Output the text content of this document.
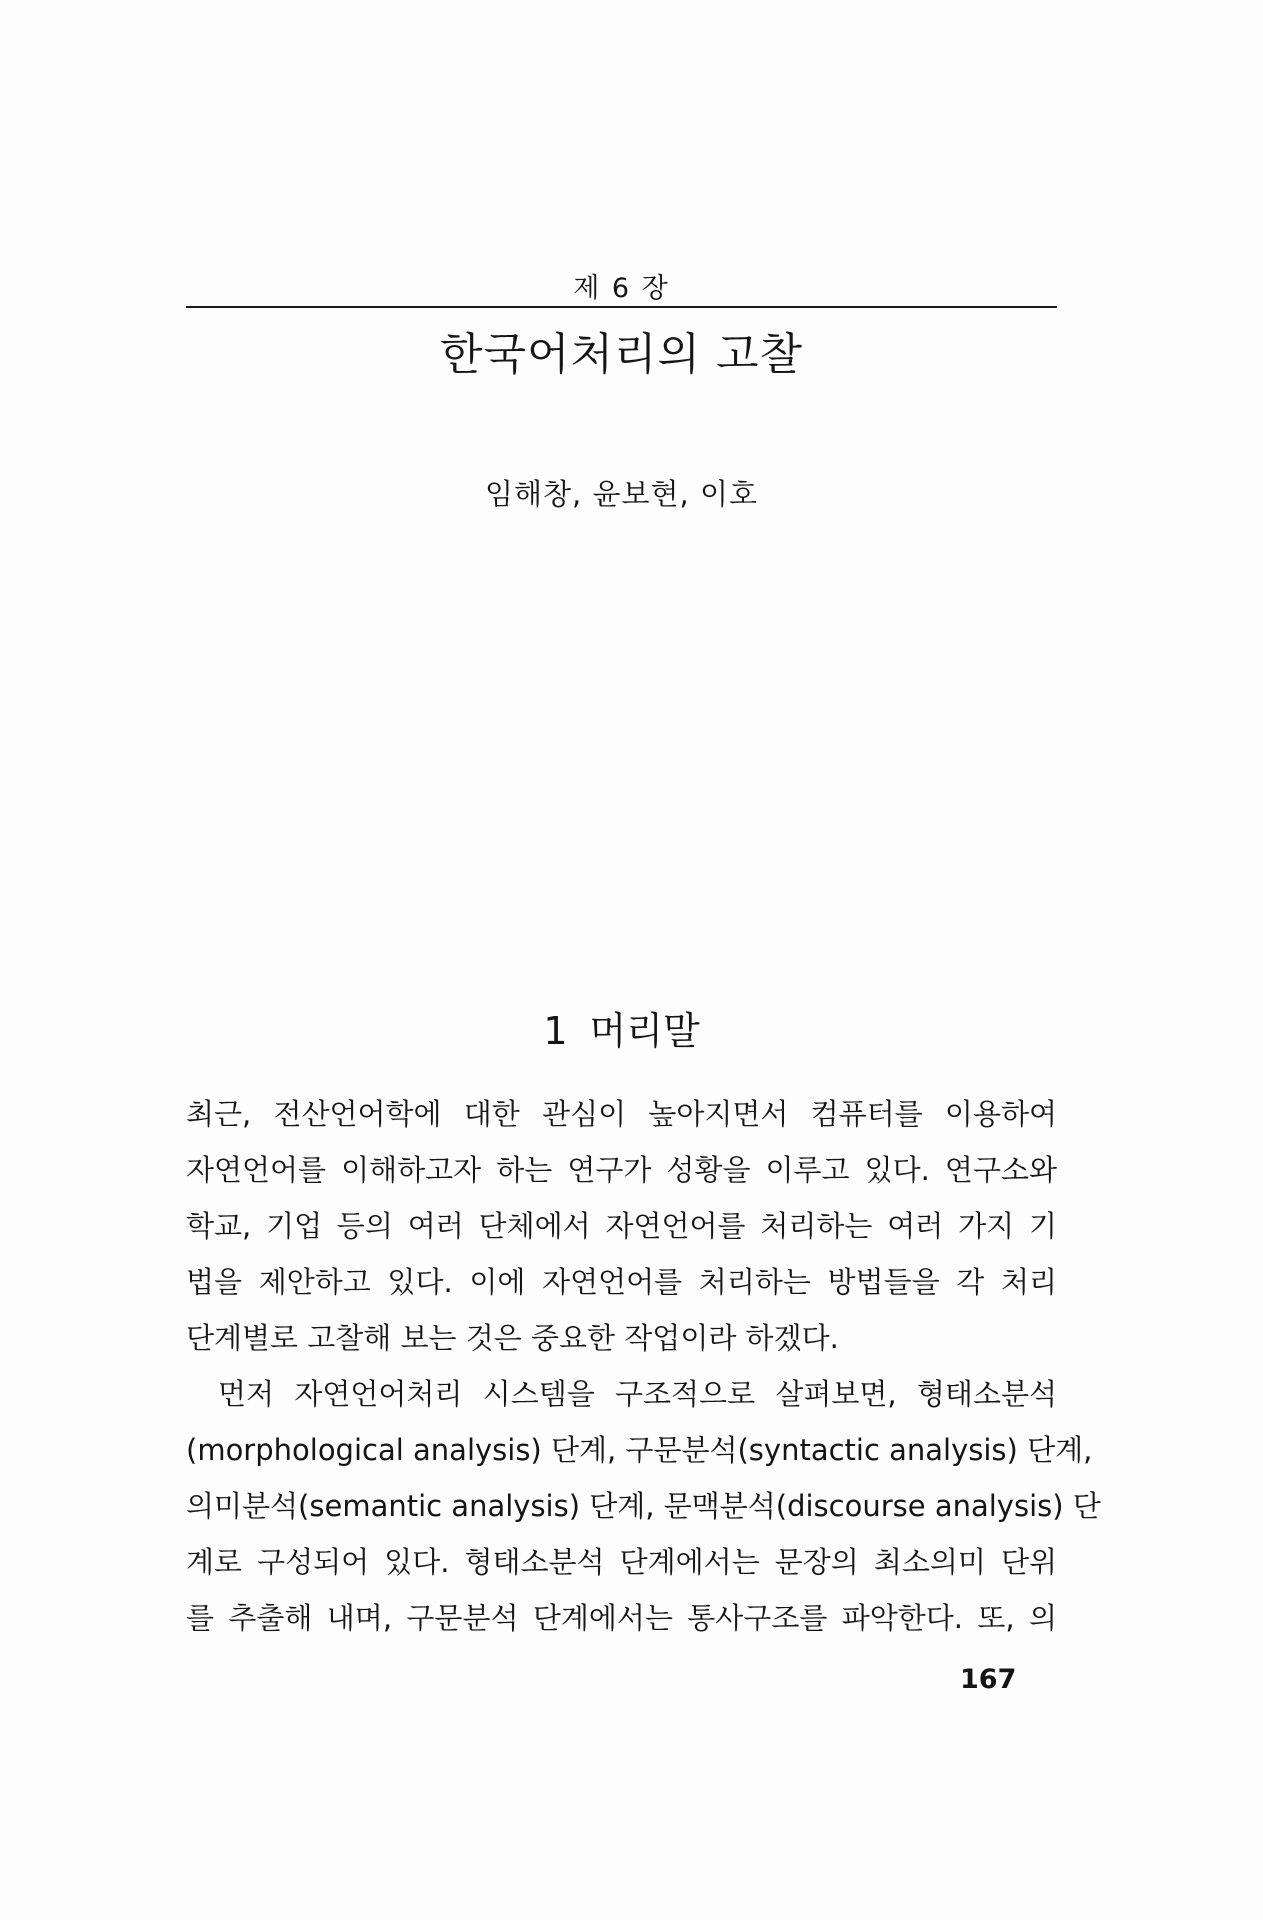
제 6 장
한국어처리의 고찰
임해창, 윤보현, 이호
1 머리말
최근, 전산언어학에 대한 관심이 높아지면서 컴퓨터를 이용하여
자연언어를 이해하고자 하는 연구가 성황을 이루고 있다. 연구소와
학교, 기업 등의 여러 단체에서 자연언어를 처리하는 여러 가지 기
법을 제안하고 있다. 이에 자연언어를 처리하는 방법들을 각 처리
단계별로 고찰해 보는 것은 중요한 작업이라 하겠다.
먼저 자연언어처리 시스템을 구조적으로 살펴보면, 형태소분석
(morphological analysis) 단계, 구문분석(syntactic analysis) 단계,
의미분석(semantic analysis) 단계, 문맥분석(discourse analysis) 단
계로 구성되어 있다. 형태소분석 단계에서는 문장의 최소의미 단위
를 추출해 내며, 구문분석 단계에서는 통사구조를 파악한다. 또, 의
167
